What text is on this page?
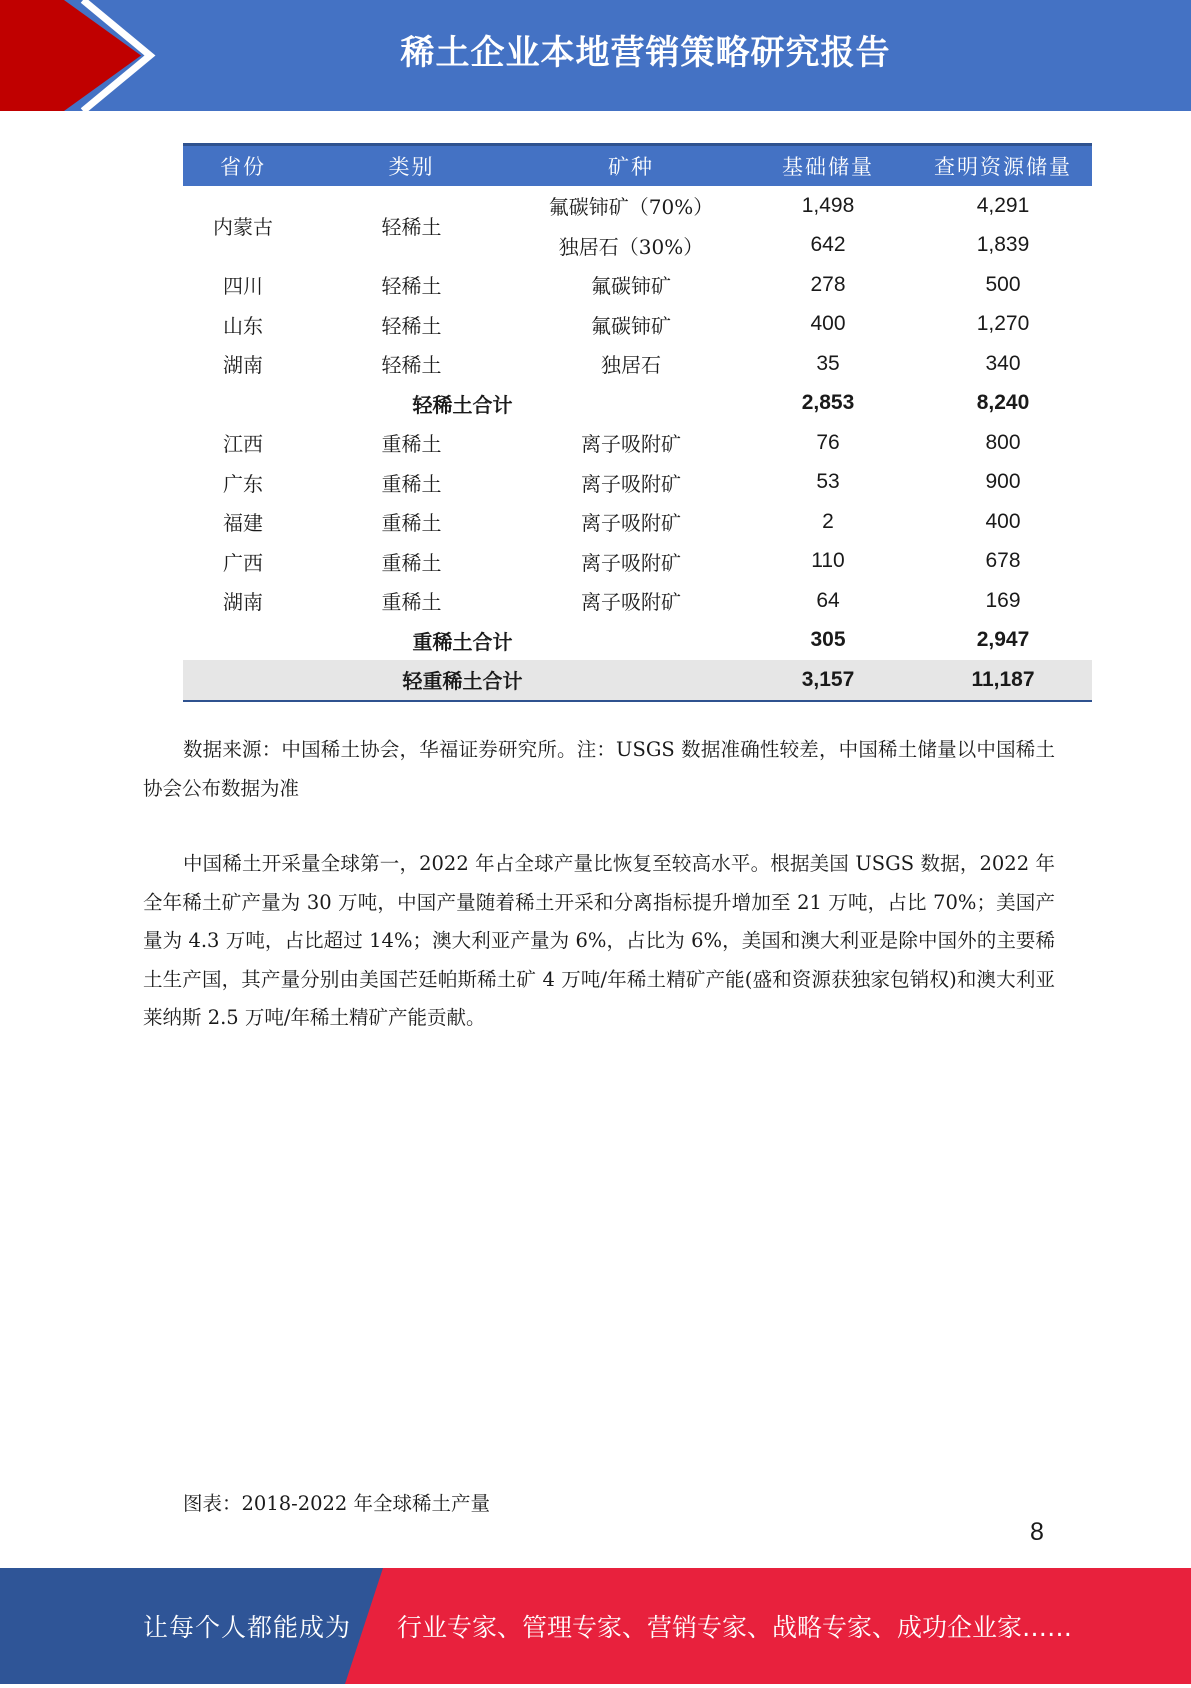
稀土企业本地营销策略研究报告
省份	类别	矿种	基础储量	查明资源储量
内蒙古	轻稀土	氟碳铈矿（70%）	1,498	4,291
		独居石（30%）	642	1,839
四川	轻稀土	氟碳铈矿	278	500
山东	轻稀土	氟碳铈矿	400	1,270
湖南	轻稀土	独居石	35	340
轻稀土合计			2,853	8,240
江西	重稀土	离子吸附矿	76	800
广东	重稀土	离子吸附矿	53	900
福建	重稀土	离子吸附矿	2	400
广西	重稀土	离子吸附矿	110	678
湖南	重稀土	离子吸附矿	64	169
重稀土合计			305	2,947
轻重稀土合计			3,157	11,187

数据来源：中国稀土协会，华福证券研究所。注：USGS 数据准确性较差，中国稀土储量以中国稀土协会公布数据为准

中国稀土开采量全球第一，2022 年占全球产量比恢复至较高水平。根据美国 USGS 数据，2022 年全年稀土矿产量为 30 万吨，中国产量随着稀土开采和分离指标提升增加至 21 万吨，占比 70%；美国产量为 4.3 万吨，占比超过 14%；澳大利亚产量为 6%，占比为 6%，美国和澳大利亚是除中国外的主要稀土生产国，其产量分别由美国芒廷帕斯稀土矿 4 万吨/年稀土精矿产能(盛和资源获独家包销权)和澳大利亚莱纳斯 2.5 万吨/年稀土精矿产能贡献。

图表：2018-2022 年全球稀土产量

8
让每个人都能成为 行业专家、管理专家、营销专家、战略专家、成功企业家……
